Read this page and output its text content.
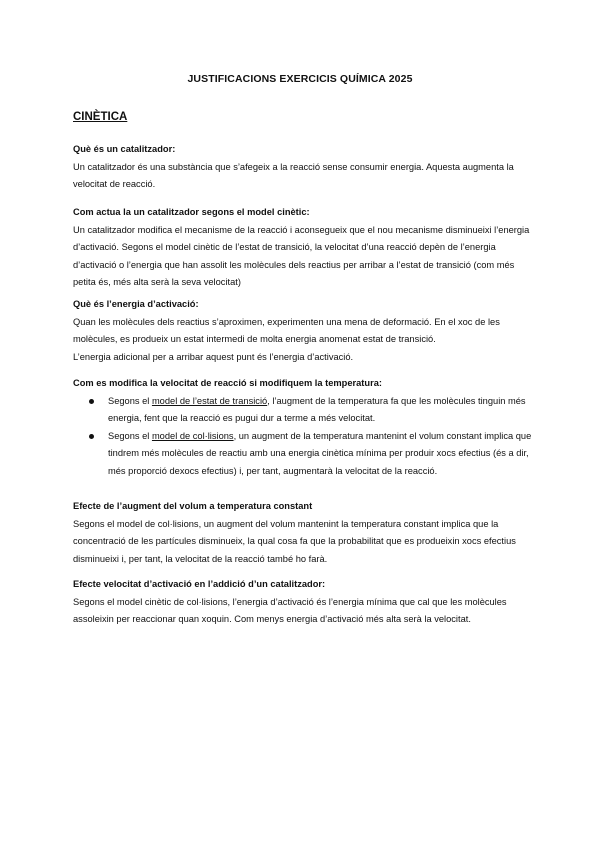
JUSTIFICACIONS EXERCICIS QUÍMICA 2025
CINÈTICA
Què és un catalitzador:
Un catalitzador és una substància que s’afegeix a la reacció sense consumir energia. Aquesta augmenta la velocitat de reacció.
Com actua la un catalitzador segons el model cinètic:
Un catalitzador modifica el mecanisme de la reacció i aconsegueix que el nou mecanisme disminueixi l’energia d’activació. Segons el model cinètic de l’estat de transició, la velocitat d’una reacció depèn de l’energia d’activació o l’energia que han assolit les molècules dels reactius per arribar a l’estat de transició (com més petita és, més alta serà la seva velocitat)
Què és l’energia d’activació:
Quan les molècules dels reactius s’aproximen, experimenten una mena de deformació. En el xoc de les molècules, es produeix un estat intermedi de molta energia anomenat estat de transició.
L’energia adicional per a arribar aquest punt és l’energia d’activació.
Com es modifica la velocitat de reacció si modifiquem la temperatura:
Segons el model de l’estat de transició, l’augment de la temperatura fa que les molècules tinguin més energia, fent que la reacció es pugui dur a terme a més velocitat.
Segons el model de col·lisions, un augment de la temperatura mantenint el volum constant implica que tindrem més molècules de reactiu amb una energia cinètica mínima per produir xocs efectius (és a dir, més proporció dexocs efectius) i, per tant, augmentarà la velocitat de la reacció.
Efecte de l’augment del volum a temperatura constant
Segons el model de col·lisions, un augment del volum mantenint la temperatura constant implica que la concentració de les partícules disminueix, la qual cosa fa que la probabilitat que es produeixin xocs efectius disminueixi i, per tant, la velocitat de la reacció també ho farà.
Efecte velocitat d’activació en l’addició d’un catalitzador:
Segons el model cinètic de col·lisions, l’energia d’activació és l’energia mínima que cal que les molècules assoleixin per reaccionar quan xoquin. Com menys energia d’activació més alta serà la velocitat.
